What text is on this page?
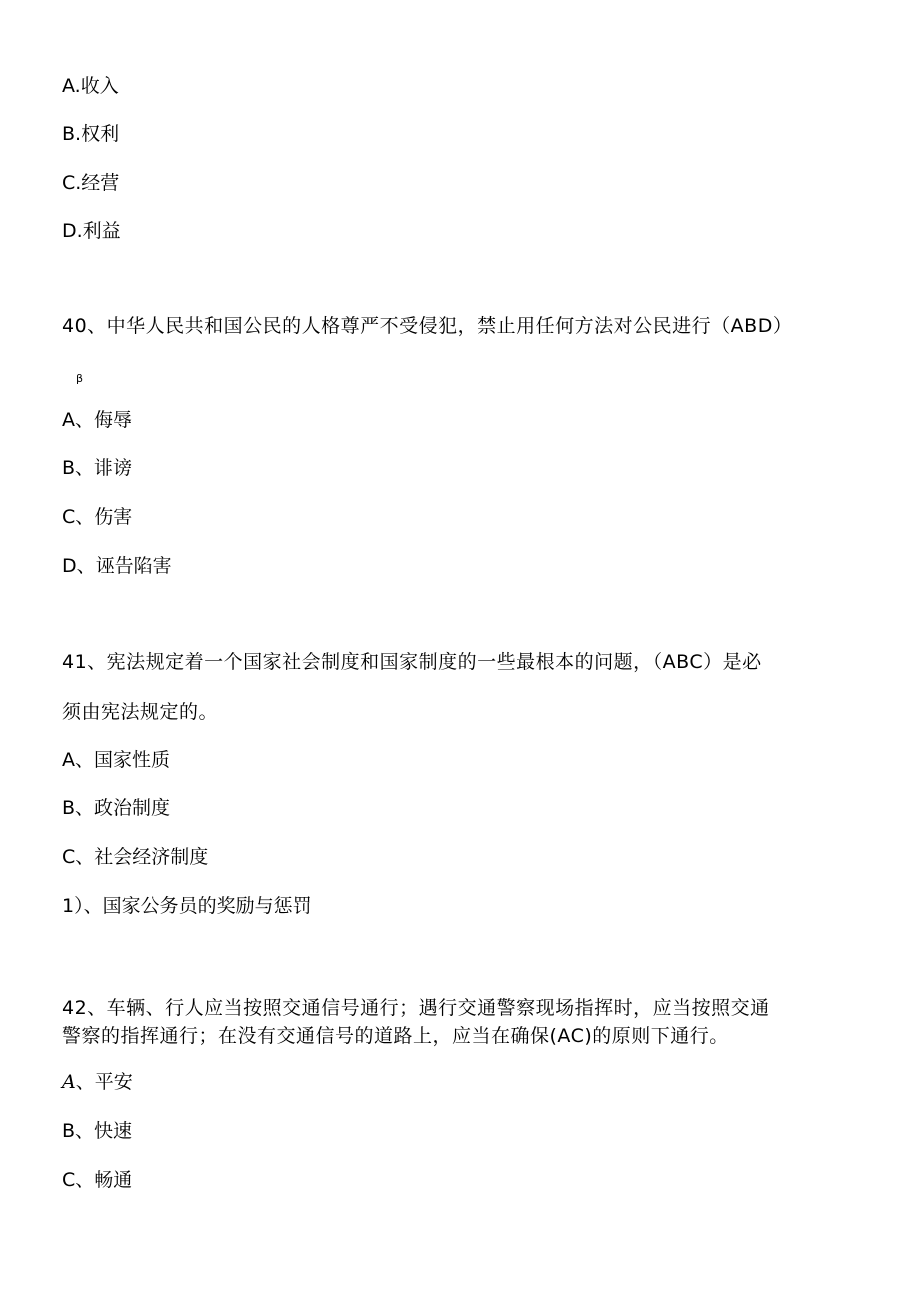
A.收入
B.权利
C.经营
D.利益
40、中华人民共和国公民的人格尊严不受侵犯，禁止用任何方法对公民进行（ABD）
β
A、侮辱
B、诽谤
C、伤害
D、诬告陷害
41、宪法规定着一个国家社会制度和国家制度的一些最根本的问题，（ABC）是必
须由宪法规定的。
A、国家性质
B、政治制度
C、社会经济制度
1）、国家公务员的奖励与惩罚
42、车辆、行人应当按照交通信号通行；遇行交通警察现场指挥时，应当按照交通
警察的指挥通行；在没有交通信号的道路上，应当在确保(AC)的原则下通行。
A、平安
B、快速
C、畅通
